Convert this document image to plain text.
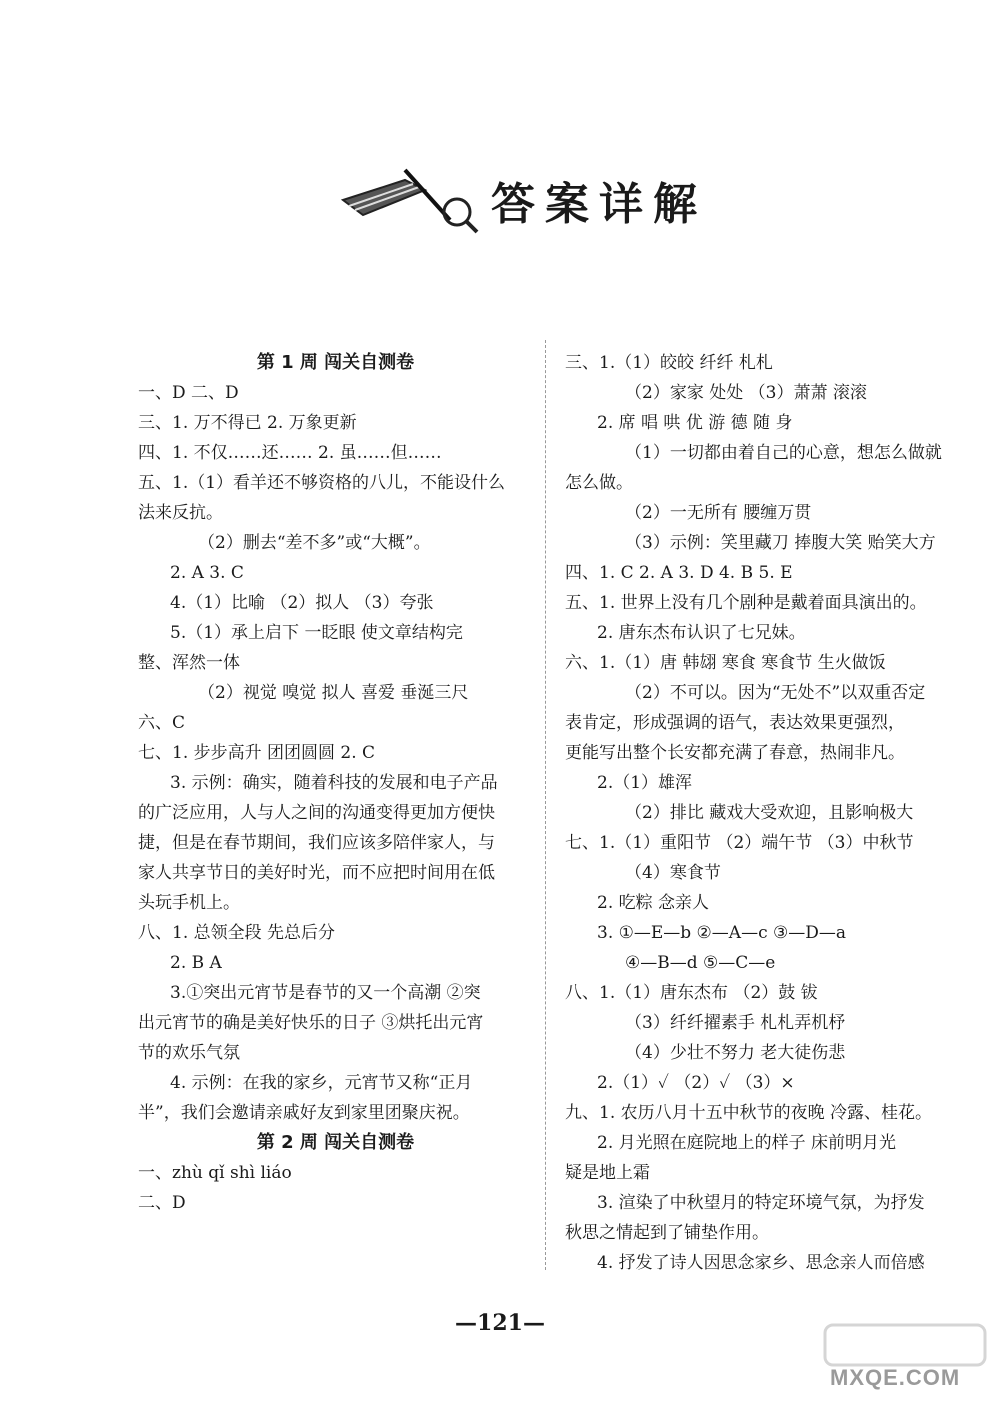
答案详解
第 1 周 闯关自测卷
一、D 二、D
三、1. 万不得已 2. 万象更新
四、1. 不仅……还…… 2. 虽……但……
五、1.（1）看羊还不够资格的八儿，不能设什么
法来反抗。
（2）删去“差不多”或“大概”。
2. A 3. C
4.（1）比喻 （2）拟人 （3）夸张
5.（1）承上启下 一眨眼 使文章结构完
整、浑然一体
（2）视觉 嗅觉 拟人 喜爱 垂涎三尺
六、C
七、1. 步步高升 团团圆圆 2. C
3. 示例：确实，随着科技的发展和电子产品
的广泛应用，人与人之间的沟通变得更加方便快
捷，但是在春节期间，我们应该多陪伴家人，与
家人共享节日的美好时光，而不应把时间用在低
头玩手机上。
八、1. 总领全段 先总后分
2. B A
3.①突出元宵节是春节的又一个高潮 ②突
出元宵节的确是美好快乐的日子 ③烘托出元宵
节的欢乐气氛
4. 示例：在我的家乡，元宵节又称“正月
半”，我们会邀请亲戚好友到家里团聚庆祝。
第 2 周 闯关自测卷
一、zhù qǐ shì liáo
二、D
三、1.（1）皎皎 纤纤 札札
（2）家家 处处 （3）萧萧 滚滚
2. 席 唱 哄 优 游 德 随 身
（1）一切都由着自己的心意，想怎么做就
怎么做。
（2）一无所有 腰缠万贯
（3）示例：笑里藏刀 捧腹大笑 贻笑大方
四、1. C 2. A 3. D 4. B 5. E
五、1. 世界上没有几个剧种是戴着面具演出的。
2. 唐东杰布认识了七兄妹。
六、1.（1）唐 韩翃 寒食 寒食节 生火做饭
（2）不可以。因为“无处不”以双重否定
表肯定，形成强调的语气，表达效果更强烈，
更能写出整个长安都充满了春意，热闹非凡。
2.（1）雄浑
（2）排比 藏戏大受欢迎，且影响极大
七、1.（1）重阳节 （2）端午节 （3）中秋节
（4）寒食节
2. 吃粽 念亲人
3. ①—E—b ②—A—c ③—D—a
④—B—d ⑤—C—e
八、1.（1）唐东杰布 （2）鼓 钹
（3）纤纤擢素手 札札弄机杼
（4）少壮不努力 老大徒伤悲
2.（1）✓ （2）✓ （3）×
九、1. 农历八月十五中秋节的夜晚 冷露、桂花。
2. 月光照在庭院地上的样子 床前明月光
疑是地上霜
3. 渲染了中秋望月的特定环境气氛，为抒发
秋思之情起到了铺垫作用。
4. 抒发了诗人因思念家乡、思念亲人而倍感
—121—
MXQE.COM
